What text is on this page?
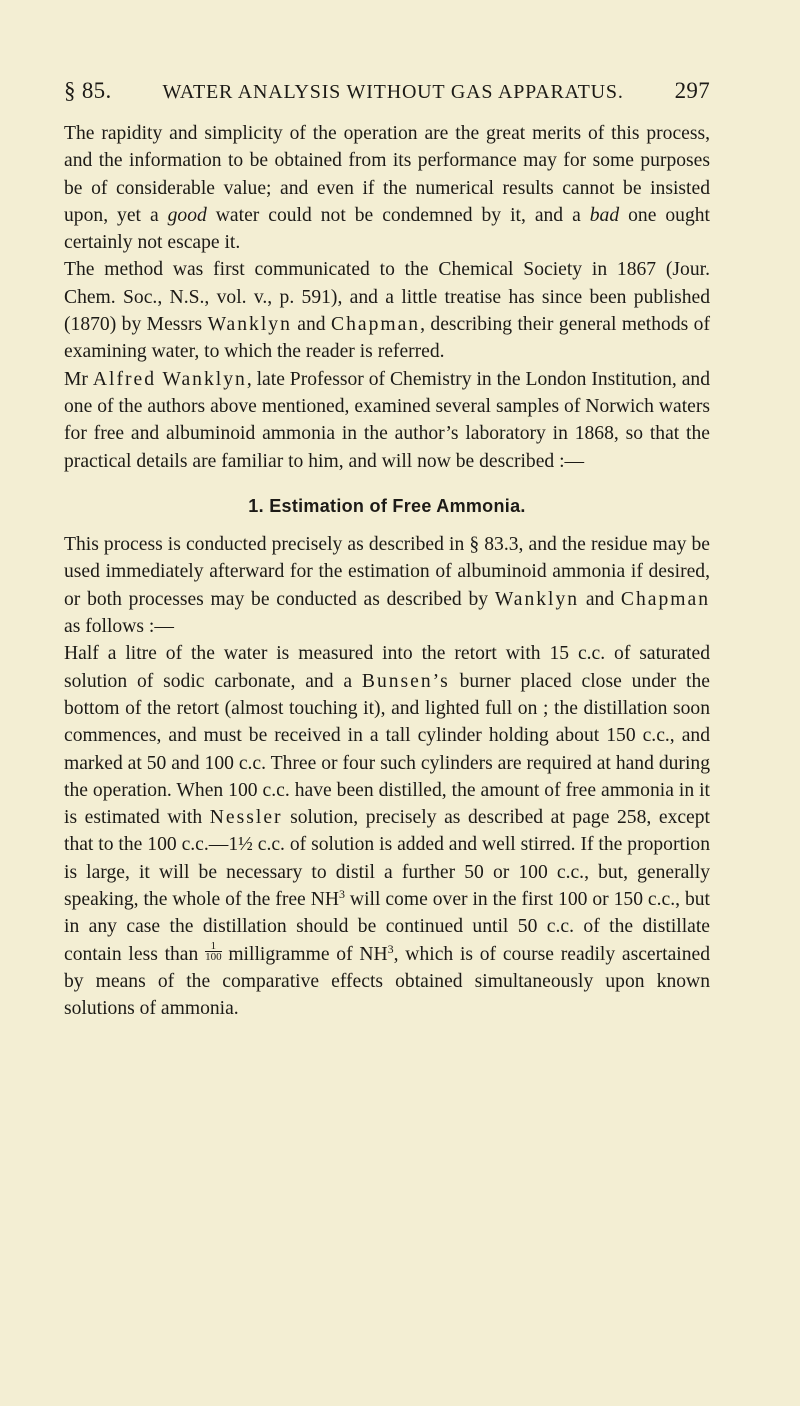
§ 85.	WATER ANALYSIS WITHOUT GAS APPARATUS. 297

The rapidity and simplicity of the operation are the great merits of this process, and the information to be obtained from its performance may for some purposes be of considerable value; and even if the numerical results cannot be insisted upon, yet a good water could not be condemned by it, and a bad one ought certainly not escape it.

The method was first communicated to the Chemical Society in 1867 (Jour. Chem. Soc., N.S., vol. v., p. 591), and a little treatise has since been published (1870) by Messrs Wanklyn and Chapman, describing their general methods of examining water, to which the reader is referred.

Mr Alfred Wanklyn, late Professor of Chemistry in the London Institution, and one of the authors above mentioned, examined several samples of Norwich waters for free and albuminoid ammonia in the author’s laboratory in 1868, so that the practical details are familiar to him, and will now be described :—

1. Estimation of Free Ammonia.

This process is conducted precisely as described in § 83.3, and the residue may be used immediately afterward for the estimation of albuminoid ammonia if desired, or both processes may be conducted as described by Wanklyn and Chapman as follows :—

Half a litre of the water is measured into the retort with 15 c.c. of saturated solution of sodic carbonate, and a Bunsen’s burner placed close under the bottom of the retort (almost touching it), and lighted full on ; the distillation soon commences, and must be received in a tall cylinder holding about 150 c.c., and marked at 50 and 100 c.c. Three or four such cylinders are required at hand during the operation. When 100 c.c. have been distilled, the amount of free ammonia in it is estimated with Nessler solution, precisely as described at page 258, except that to the 100 c.c.—1½ c.c. of solution is added and well stirred. If the proportion is large, it will be necessary to distil a further 50 or 100 c.c., but, generally speaking, the whole of the free $NH^3$ will come over in the first 100 or 150 c.c., but in any case the distillation should be continued until 50 c.c. of the distillate contain less than $\frac{1}{100}$ milligramme of $NH^3$, which is of course readily ascertained by means of the comparative effects obtained simultaneously upon known solutions of ammonia.
